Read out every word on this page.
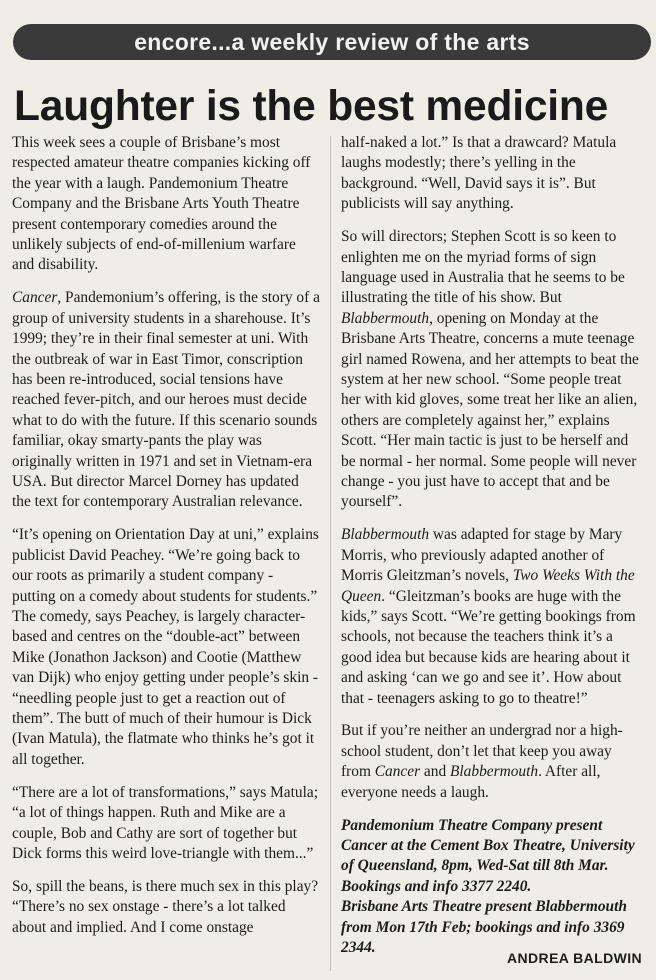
encore...a weekly review of the arts
Laughter is the best medicine

This week sees a couple of Brisbane’s most respected amateur theatre companies kicking off the year with a laugh. Pandemonium Theatre Company and the Brisbane Arts Youth Theatre present contemporary comedies around the unlikely subjects of end-of-millenium warfare and disability.

Cancer, Pandemonium’s offering, is the story of a group of university students in a sharehouse. It’s 1999; they’re in their final semester at uni. With the outbreak of war in East Timor, conscription has been re-introduced, social tensions have reached fever-pitch, and our heroes must decide what to do with the future. If this scenario sounds familiar, okay smarty-pants the play was originally written in 1971 and set in Vietnam-era USA. But director Marcel Dorney has updated the text for contemporary Australian relevance.

“It’s opening on Orientation Day at uni,” explains publicist David Peachey. “We’re going back to our roots as primarily a student company - putting on a comedy about students for students.” The comedy, says Peachey, is largely character-based and centres on the “double-act” between Mike (Jonathon Jackson) and Cootie (Matthew van Dijk) who enjoy getting under people’s skin - “needling people just to get a reaction out of them”. The butt of much of their humour is Dick (Ivan Matula), the flatmate who thinks he’s got it all together.

“There are a lot of transformations,” says Matula; “a lot of things happen. Ruth and Mike are a couple, Bob and Cathy are sort of together but Dick forms this weird love-triangle with them...”

So, spill the beans, is there much sex in this play? “There’s no sex onstage - there’s a lot talked about and implied. And I come onstage

half-naked a lot.” Is that a drawcard? Matula laughs modestly; there’s yelling in the background. “Well, David says it is”. But publicists will say anything.

So will directors; Stephen Scott is so keen to enlighten me on the myriad forms of sign language used in Australia that he seems to be illustrating the title of his show. But Blabbermouth, opening on Monday at the Brisbane Arts Theatre, concerns a mute teenage girl named Rowena, and her attempts to beat the system at her new school. “Some people treat her with kid gloves, some treat her like an alien, others are completely against her,” explains Scott. “Her main tactic is just to be herself and be normal - her normal. Some people will never change - you just have to accept that and be yourself”.

Blabbermouth was adapted for stage by Mary Morris, who previously adapted another of Morris Gleitzman’s novels, Two Weeks With the Queen. “Gleitzman’s books are huge with the kids,” says Scott. “We’re getting bookings from schools, not because the teachers think it’s a good idea but because kids are hearing about it and asking ‘can we go and see it’. How about that - teenagers asking to go to theatre!”

But if you’re neither an undergrad nor a high-school student, don’t let that keep you away from Cancer and Blabbermouth. After all, everyone needs a laugh.

Pandemonium Theatre Company present Cancer at the Cement Box Theatre, University of Queensland, 8pm, Wed-Sat till 8th Mar. Bookings and info 3377 2240.
Brisbane Arts Theatre present Blabbermouth from Mon 17th Feb; bookings and info 3369 2344.

ANDREA BALDWIN
